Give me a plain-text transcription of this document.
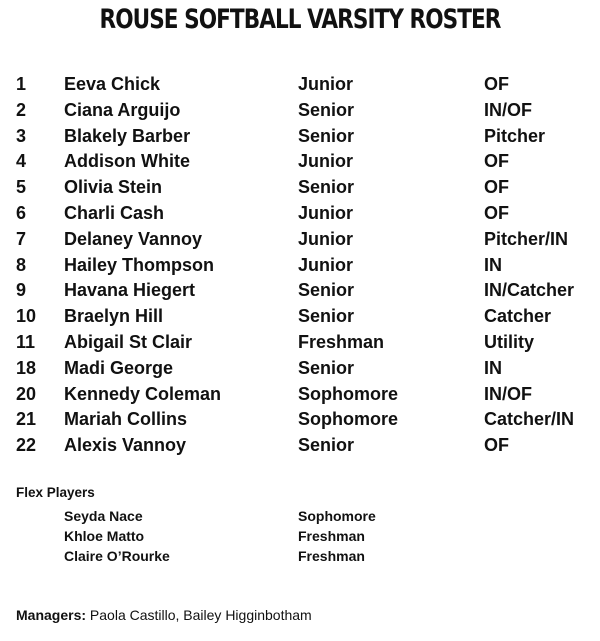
ROUSE SOFTBALL VARSITY ROSTER
1 Eeva Chick	Junior	OF
2 Ciana Arguijo	Senior	IN/OF
3 Blakely Barber	Senior	Pitcher
4 Addison White	Junior	OF
5 Olivia Stein	Senior	OF
6 Charli Cash	Junior	OF
7 Delaney Vannoy	Junior	Pitcher/IN
8 Hailey Thompson	Junior	IN
9 Havana Hiegert	Senior	IN/Catcher
10 Braelyn Hill	Senior	Catcher
11 Abigail St Clair	Freshman	Utility
18 Madi George	Senior	IN
20 Kennedy Coleman	Sophomore	IN/OF
21 Mariah Collins	Sophomore	Catcher/IN
22 Alexis Vannoy	Senior	OF
Flex Players
Seyda Nace	Sophomore
Khloe Matto	Freshman
Claire O’Rourke	Freshman
Managers: Paola Castillo, Bailey Higginbotham
